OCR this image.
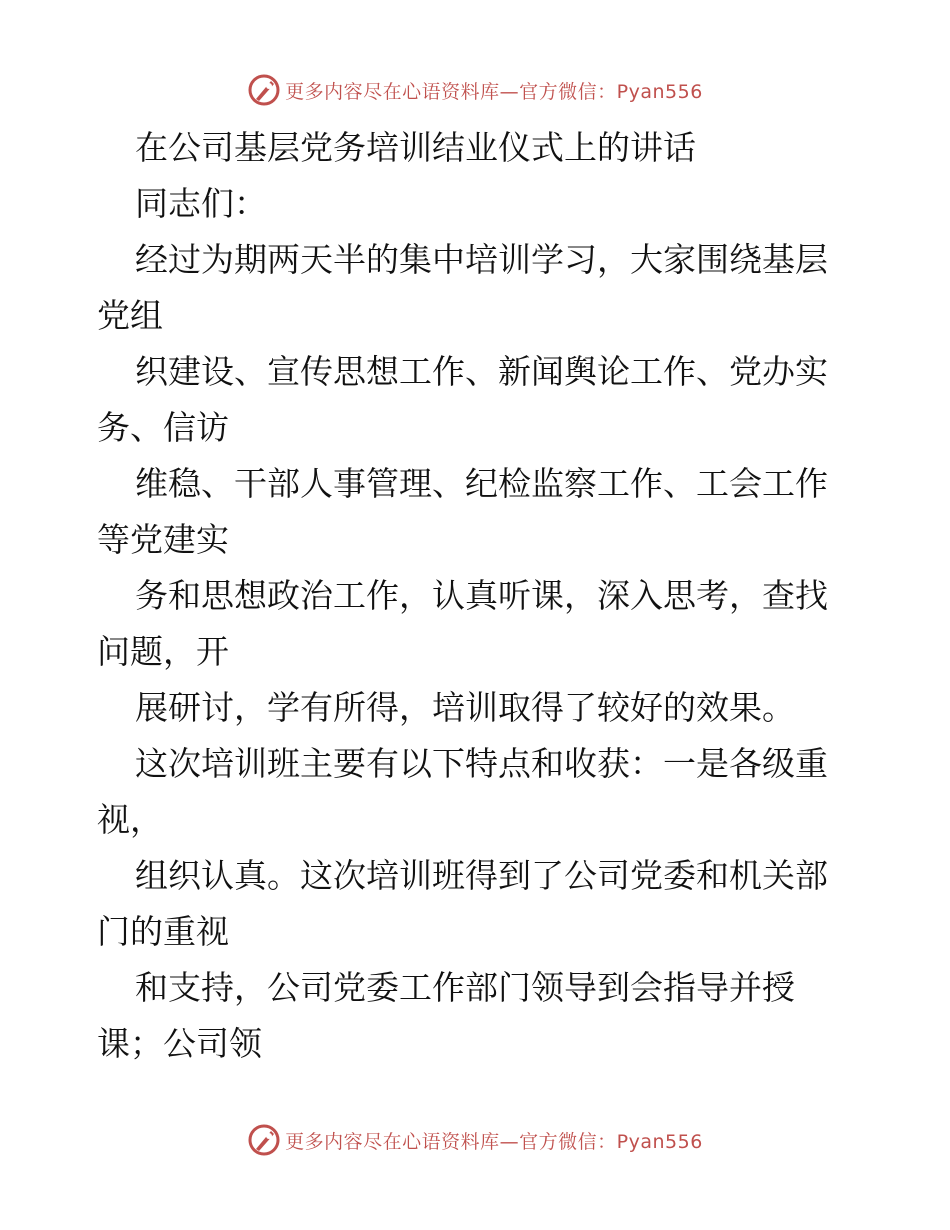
更多内容尽在心语资料库—官方微信：Pyan556
在公司基层党务培训结业仪式上的讲话
同志们：
经过为期两天半的集中培训学习，大家围绕基层
党组
织建设、宣传思想工作、新闻舆论工作、党办实
务、信访
维稳、干部人事管理、纪检监察工作、工会工作
等党建实
务和思想政治工作，认真听课，深入思考，查找
问题，开
展研讨，学有所得，培训取得了较好的效果。
这次培训班主要有以下特点和收获：一是各级重
视，
组织认真。这次培训班得到了公司党委和机关部
门的重视
和支持，公司党委工作部门领导到会指导并授
课；公司领
更多内容尽在心语资料库—官方微信：Pyan556
